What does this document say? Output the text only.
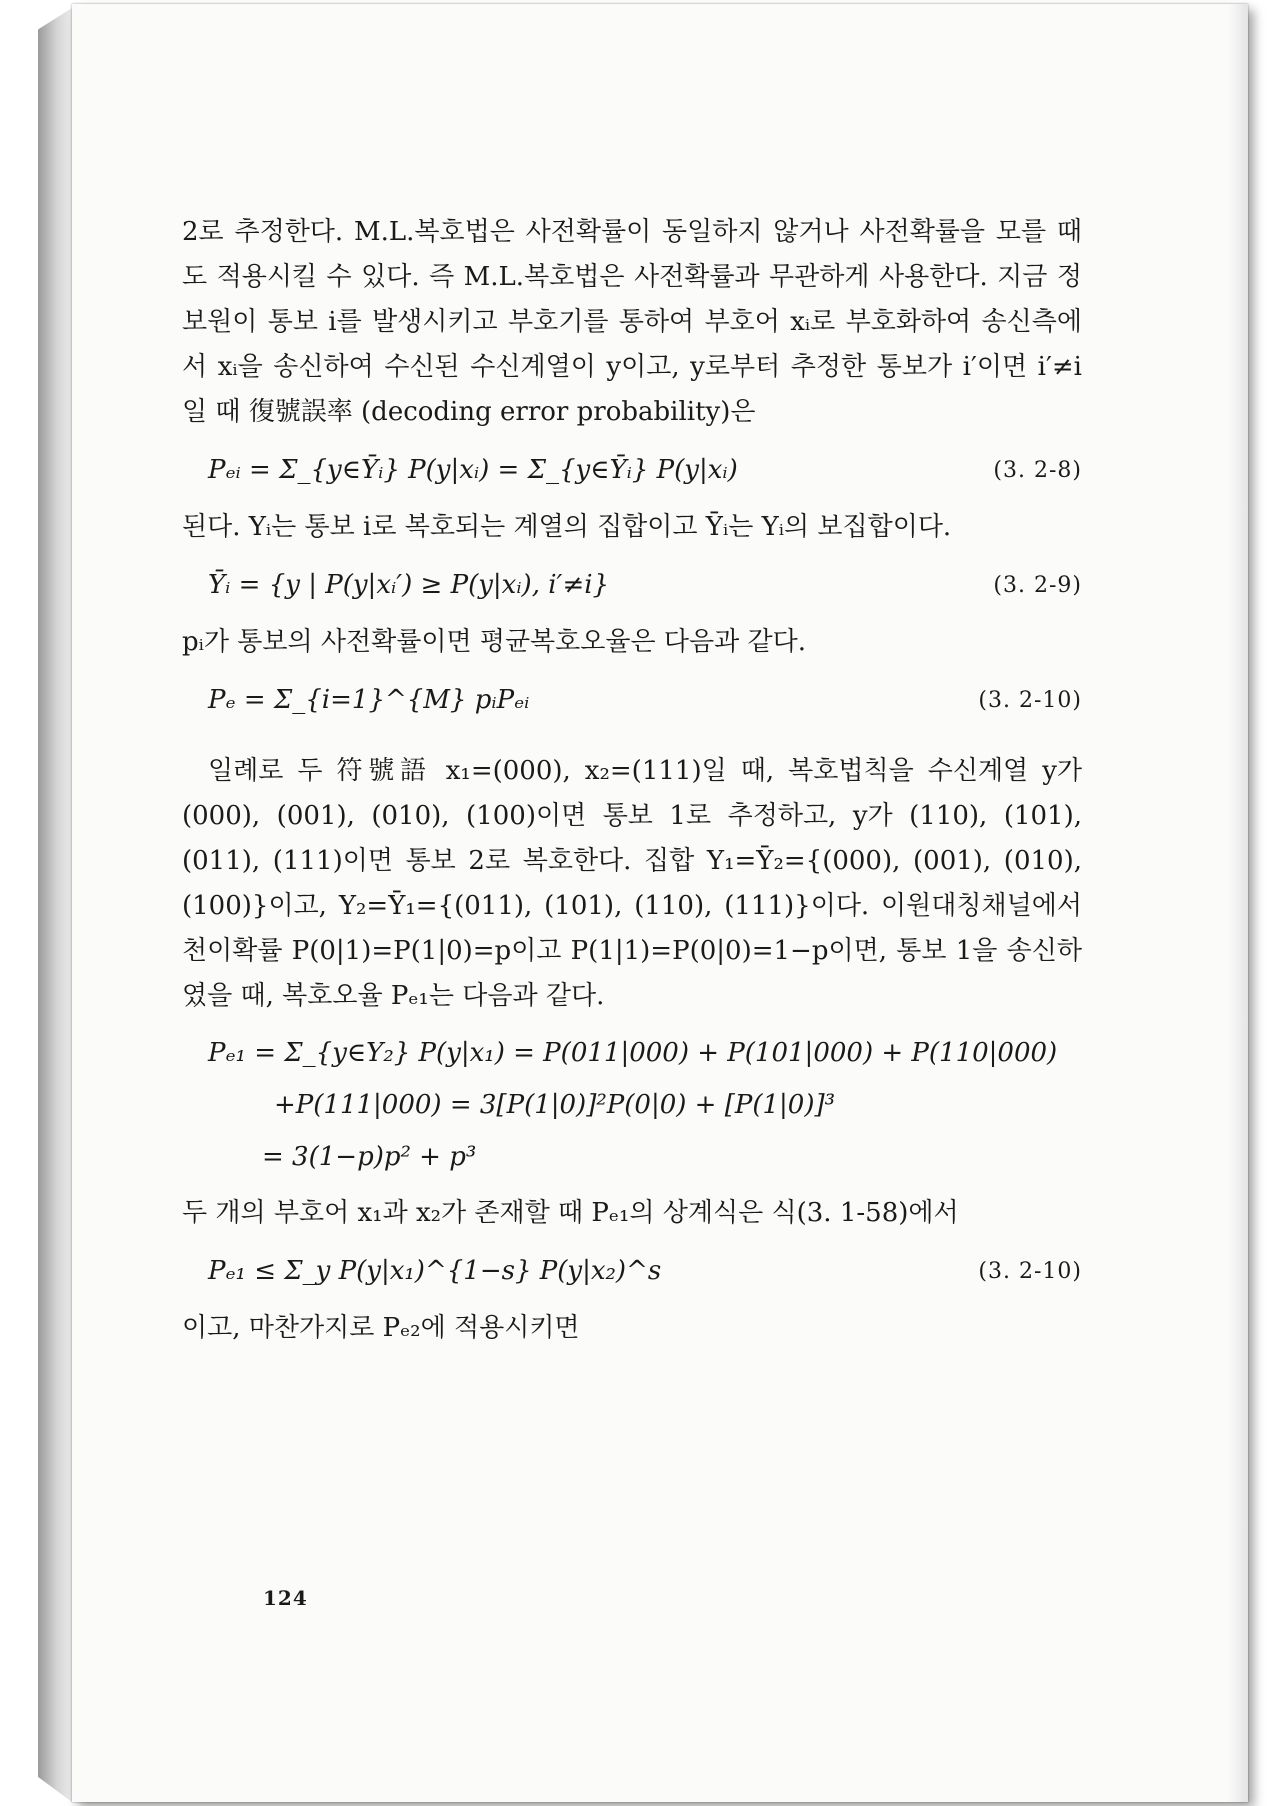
2로 추정한다. M.L.복호법은 사전확률이 동일하지 않거나 사전확률을 모를 때도 적용시킬 수 있다. 즉 M.L.복호법은 사전확률과 무관하게 사용한다. 지금 정보원이 통보 i를 발생시키고 부호기를 통하여 부호어 xᵢ로 부호화하여 송신측에서 xᵢ을 송신하여 수신된 수신계열이 y이고, y로부터 추정한 통보가 i′이면 i′≠i일 때 復號誤率 (decoding error probability)은

Pₑᵢ = Σ_{y∈Ȳᵢ} P(y|xᵢ) = Σ_{y∈Ȳᵢ} P(y|xᵢ)	(3. 2-8)

된다. Yᵢ는 통보 i로 복호되는 계열의 집합이고 Ȳᵢ는 Yᵢ의 보집합이다.

Ȳᵢ = {y | P(y|xᵢ′) ≥ P(y|xᵢ), i′≠i}	(3. 2-9)

pᵢ가 통보의 사전확률이면 평균복호오율은 다음과 같다.

Pₑ = Σ_{i=1}^{M} pᵢPₑᵢ	(3. 2-10)

일례로 두 符號語 x₁=(000), x₂=(111)일 때, 복호법칙을 수신계열 y가 (000), (001), (010), (100)이면 통보 1로 추정하고, y가 (110), (101), (011), (111)이면 통보 2로 복호한다. 집합 Y₁=Ȳ₂={(000), (001), (010), (100)}이고, Y₂=Ȳ₁={(011), (101), (110), (111)}이다. 이원대칭채널에서 천이확률 P(0|1)=P(1|0)=p이고 P(1|1)=P(0|0)=1−p이면, 통보 1을 송신하였을 때, 복호오율 Pₑ₁는 다음과 같다.

Pₑ₁ = Σ_{y∈Y₂} P(y|x₁) = P(011|000) + P(101|000) + P(110|000)
+P(111|000) = 3[P(1|0)]²P(0|0) + [P(1|0)]³
= 3(1−p)p² + p³

두 개의 부호어 x₁과 x₂가 존재할 때 Pₑ₁의 상계식은 식(3. 1-58)에서

Pₑ₁ ≤ Σ_y P(y|x₁)^{1−s} P(y|x₂)^s	(3. 2-10)

이고, 마찬가지로 Pₑ₂에 적용시키면

124
